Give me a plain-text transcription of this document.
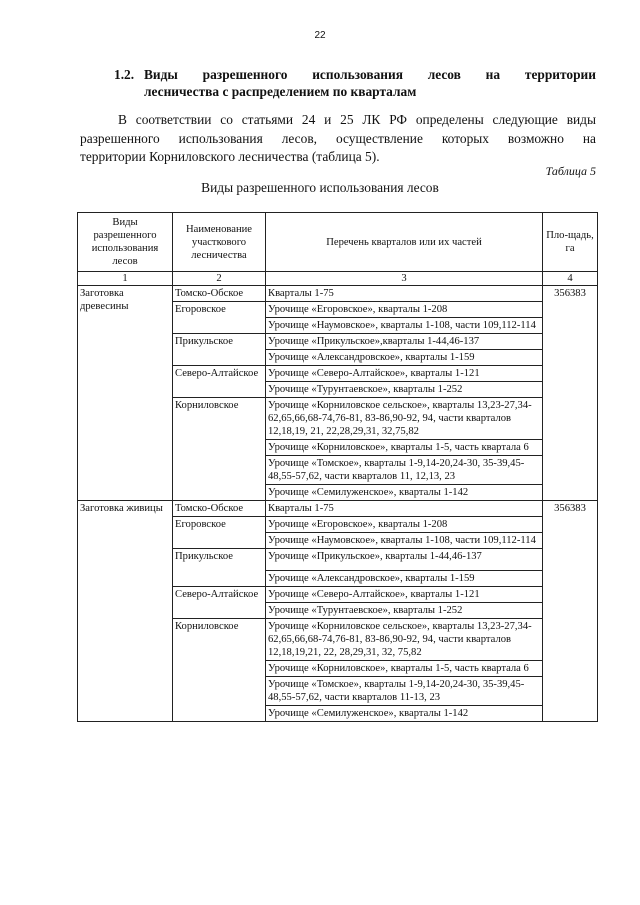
22
1.2. Виды разрешенного использования лесов на территории
лесничества с распределением по кварталам
В соответствии со статьями 24 и 25 ЛК РФ определены следующие виды
разрешенного использования лесов, осуществление которых возможно на
территории Корниловского лесничества (таблица 5).
Таблица 5
Виды разрешенного использования лесов
Виды разрешенного использования лесов	Наименование участкового лесничества	Перечень кварталов или их частей	Пло-щадь, га
1	2	3	4
Заготовка древесины	Томско-Обское	Кварталы 1-75	356383
	Егоровское	Урочище «Егоровское», кварталы 1-208	
		Урочище «Наумовское», кварталы 1-108, части 109,112-114	
	Прикульское	Урочище «Прикульское»,кварталы 1-44,46-137	
		Урочище «Александровское», кварталы 1-159	
	Северо-Алтайское	Урочище «Северо-Алтайское», кварталы 1-121	
		Урочище «Турунтаевское», кварталы 1-252	
	Корниловское	Урочище «Корниловское сельское», кварталы 13,23-27,34-62,65,66,68-74,76-81, 83-86,90-92, 94, части кварталов 12,18,19, 21, 22,28,29,31, 32,75,82	
		Урочище «Корниловское», кварталы 1-5, часть квартала 6	
		Урочище «Томское», кварталы 1-9,14-20,24-30, 35-39,45-48,55-57,62, части кварталов 11, 12,13, 23	
		Урочище «Семилуженское», кварталы 1-142	
Заготовка живицы	Томско-Обское	Кварталы 1-75	356383
	Егоровское	Урочище «Егоровское», кварталы 1-208	
		Урочище «Наумовское», кварталы 1-108, части 109,112-114	
	Прикульское	Урочище «Прикульское», кварталы 1-44,46-137	
		Урочище «Александровское», кварталы 1-159	
	Северо-Алтайское	Урочище «Северо-Алтайское», кварталы 1-121	
		Урочище «Турунтаевское», кварталы 1-252	
	Корниловское	Урочище «Корниловское сельское», кварталы 13,23-27,34-62,65,66,68-74,76-81, 83-86,90-92, 94, части кварталов 12,18,19,21, 22, 28,29,31, 32, 75,82	
		Урочище «Корниловское», кварталы 1-5, часть квартала 6	
		Урочище «Томское», кварталы 1-9,14-20,24-30, 35-39,45-48,55-57,62, части кварталов 11-13, 23	
		Урочище «Семилуженское», кварталы 1-142	
